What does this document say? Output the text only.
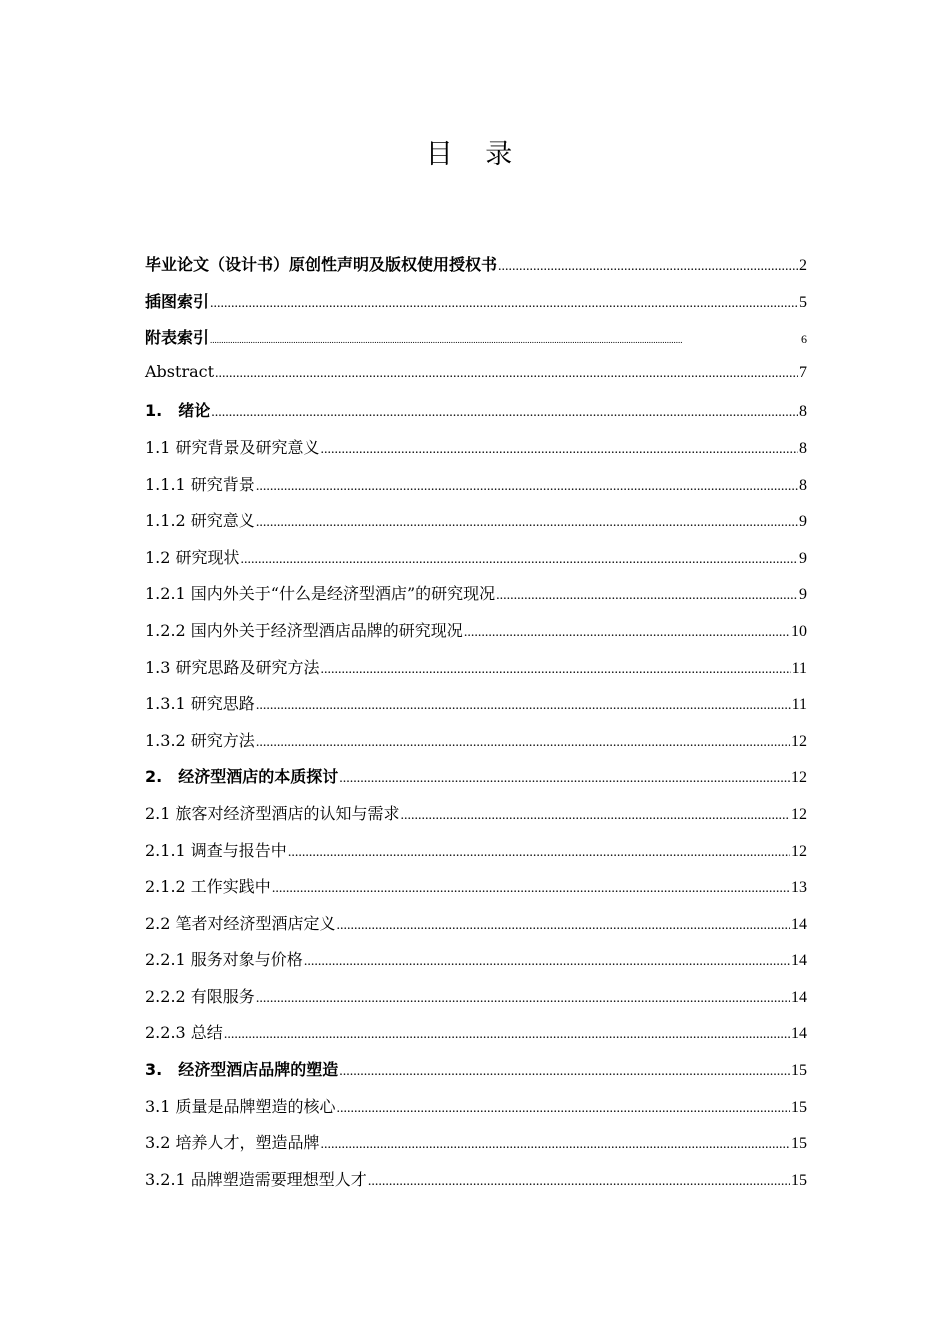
目 录
毕业论文（设计书）原创性声明及版权使用授权书 .....	2
插图索引 .....	5
附表索引 .....	6
Abstract .....	7
1.　绪论 .....	8
1.1 研究背景及研究意义 .....	8
1.1.1 研究背景 .....	8
1.1.2 研究意义 .....	9
1.2 研究现状 .....	9
1.2.1 国内外关于“什么是经济型酒店”的研究现况 .....	9
1.2.2 国内外关于经济型酒店品牌的研究现况 .....	10
1.3 研究思路及研究方法 .....	11
1.3.1 研究思路 .....	11
1.3.2 研究方法 .....	12
2.　经济型酒店的本质探讨 .....	12
2.1 旅客对经济型酒店的认知与需求 .....	12
2.1.1 调查与报告中 .....	12
2.1.2 工作实践中 .....	13
2.2 笔者对经济型酒店定义 .....	14
2.2.1 服务对象与价格 .....	14
2.2.2 有限服务 .....	14
2.2.3 总结 .....	14
3.　经济型酒店品牌的塑造 .....	15
3.1 质量是品牌塑造的核心 .....	15
3.2 培养人才，塑造品牌 .....	15
3.2.1 品牌塑造需要理想型人才 .....	15
